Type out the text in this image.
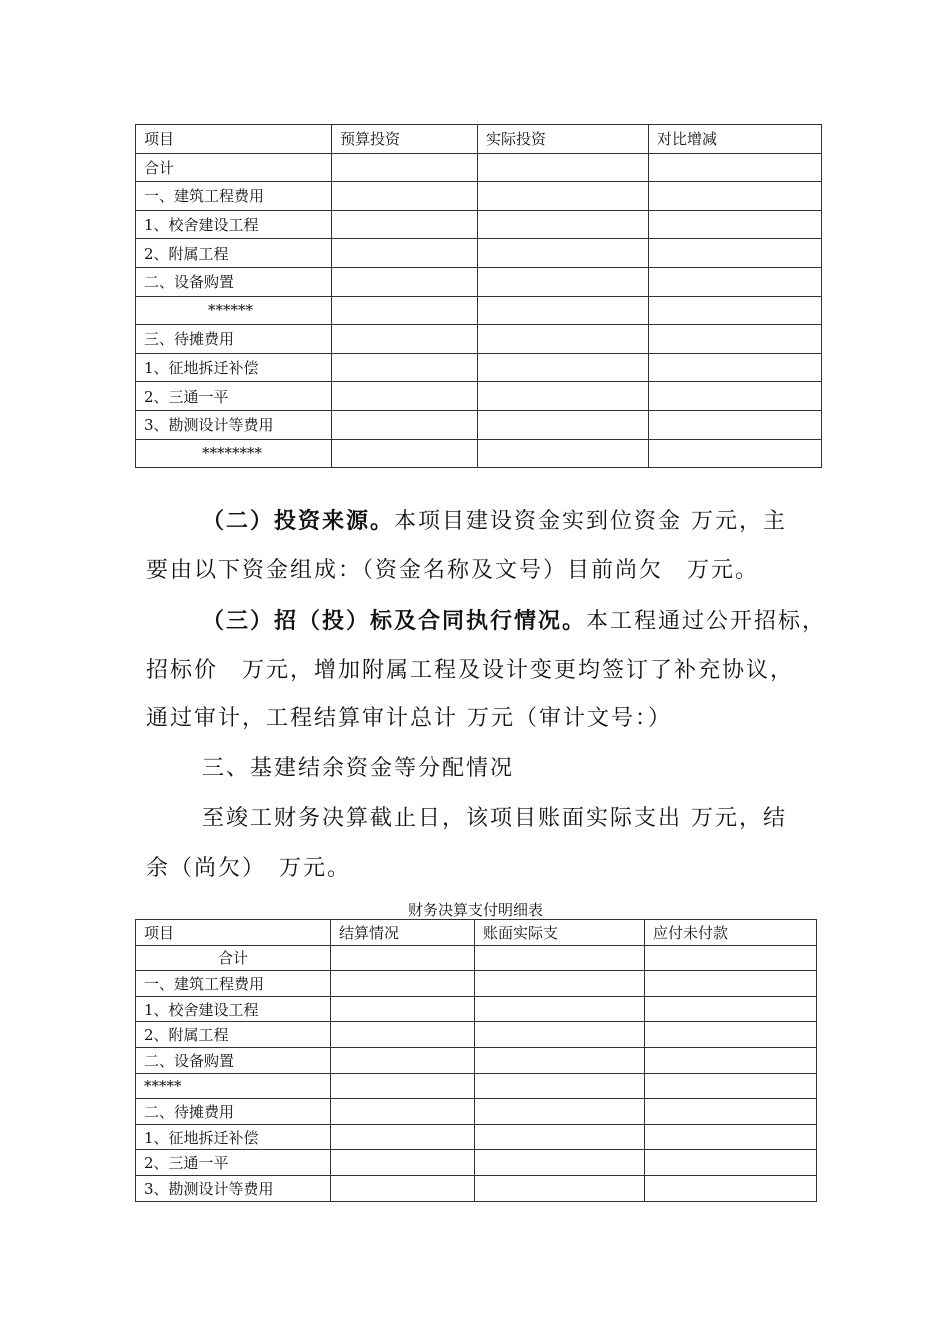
项目	预算投资	实际投资	对比增减
合计			
一、建筑工程费用			
1、校舍建设工程			
2、附属工程			
二、设备购置			
******			
三、待摊费用			
1、征地拆迁补偿			
2、三通一平			
3、勘测设计等费用			
********			
（二）投资来源。本项目建设资金实到位资金 万元，主
要由以下资金组成：（资金名称及文号）目前尚欠　万元。
（三）招（投）标及合同执行情况。本工程通过公开招标，
招标价　万元，增加附属工程及设计变更均签订了补充协议，
通过审计，工程结算审计总计 万元（审计文号：）
三、基建结余资金等分配情况
至竣工财务决算截止日，该项目账面实际支出 万元，结
余（尚欠）　万元。
财务决算支付明细表
项目	结算情况	账面实际支	应付未付款
合计			
一、建筑工程费用			
1、校舍建设工程			
2、附属工程			
二、设备购置			
*****			
二、待摊费用			
1、征地拆迁补偿			
2、三通一平			
3、勘测设计等费用			
